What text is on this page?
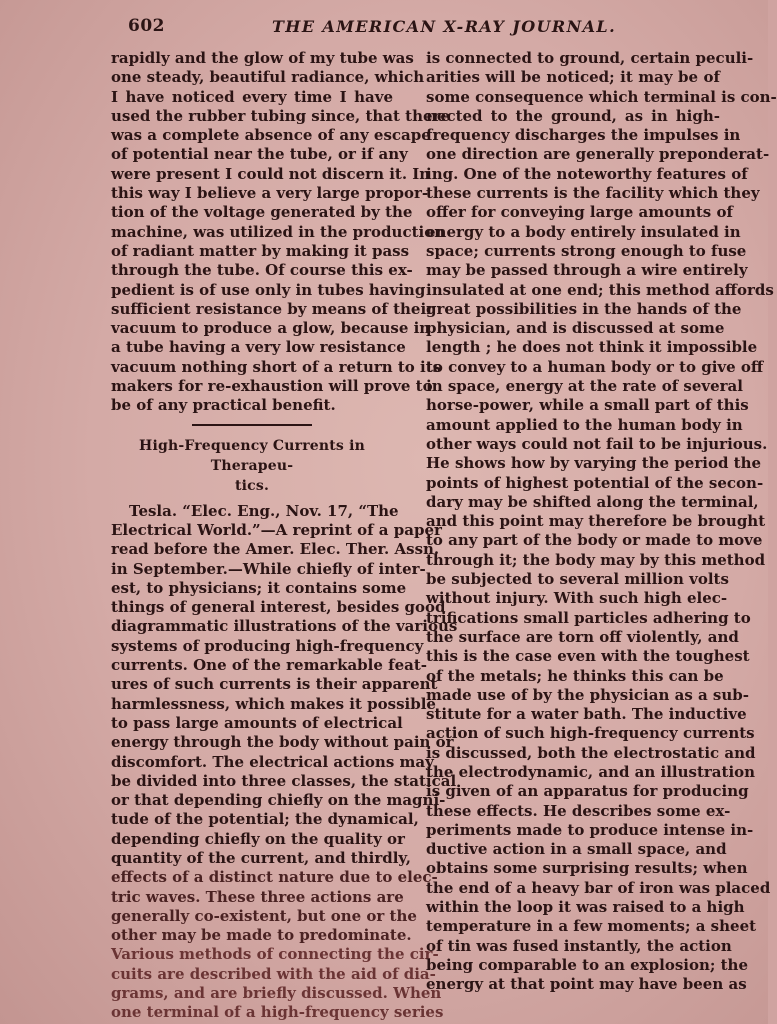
602	THE AMERICAN X-RAY JOURNAL.
rapidly and the glow of my tube was
one steady, beautiful radiance, which
I have noticed every time I have
used the rubber tubing since, that there
was a complete absence of any escape
of potential near the tube, or if any
were present I could not discern it. In
this way I believe a very large propor-
tion of the voltage generated by the
machine, was utilized in the production
of radiant matter by making it pass
through the tube. Of course this ex-
pedient is of use only in tubes having
sufficient resistance by means of their
vacuum to produce a glow, because in
a tube having a very low resistance
vacuum nothing short of a return to its
makers for re-exhaustion will prove to
be of any practical benefit.
High-Frequency Currents in Therapeu-
tics.
Tesla. “Elec. Eng., Nov. 17, “The
Electrical World.”—A reprint of a paper
read before the Amer. Elec. Ther. Assn.
in September.—While chiefly of inter-
est, to physicians; it contains some
things of general interest, besides good
diagrammatic illustrations of the various
systems of producing high-frequency
currents. One of the remarkable feat-
ures of such currents is their apparent
harmlessness, which makes it possible
to pass large amounts of electrical
energy through the body without pain or
discomfort. The electrical actions may
be divided into three classes, the statical
or that depending chiefly on the magni-
tude of the potential; the dynamical,
depending chiefly on the quality or
quantity of the current, and thirdly,
effects of a distinct nature due to elec-
tric waves. These three actions are
generally co-existent, but one or the
other may be made to predominate.
Various methods of connecting the cir-
cuits are described with the aid of dia-
grams, and are briefly discussed. When
one terminal of a high-frequency series
is connected to ground, certain peculi-
arities will be noticed; it may be of
some consequence which terminal is con-
nected to the ground, as in high-
frequency discharges the impulses in
one direction are generally preponderat-
ing. One of the noteworthy features of
these currents is the facility which they
offer for conveying large amounts of
energy to a body entirely insulated in
space; currents strong enough to fuse
may be passed through a wire entirely
insulated at one end; this method affords
great possibilities in the hands of the
physician, and is discussed at some
length ; he does not think it impossible
to convey to a human body or to give off
in space, energy at the rate of several
horse-power, while a small part of this
amount applied to the human body in
other ways could not fail to be injurious.
He shows how by varying the period the
points of highest potential of the secon-
dary may be shifted along the terminal,
and this point may therefore be brought
to any part of the body or made to move
through it; the body may by this method
be subjected to several million volts
without injury. With such high elec-
trifications small particles adhering to
the surface are torn off violently, and
this is the case even with the toughest
of the metals; he thinks this can be
made use of by the physician as a sub-
stitute for a water bath. The inductive
action of such high-frequency currents
is discussed, both the electrostatic and
the electrodynamic, and an illustration
is given of an apparatus for producing
these effects. He describes some ex-
periments made to produce intense in-
ductive action in a small space, and
obtains some surprising results; when
the end of a heavy bar of iron was placed
within the loop it was raised to a high
temperature in a few moments; a sheet
of tin was fused instantly, the action
being comparable to an explosion; the
energy at that point may have been as
